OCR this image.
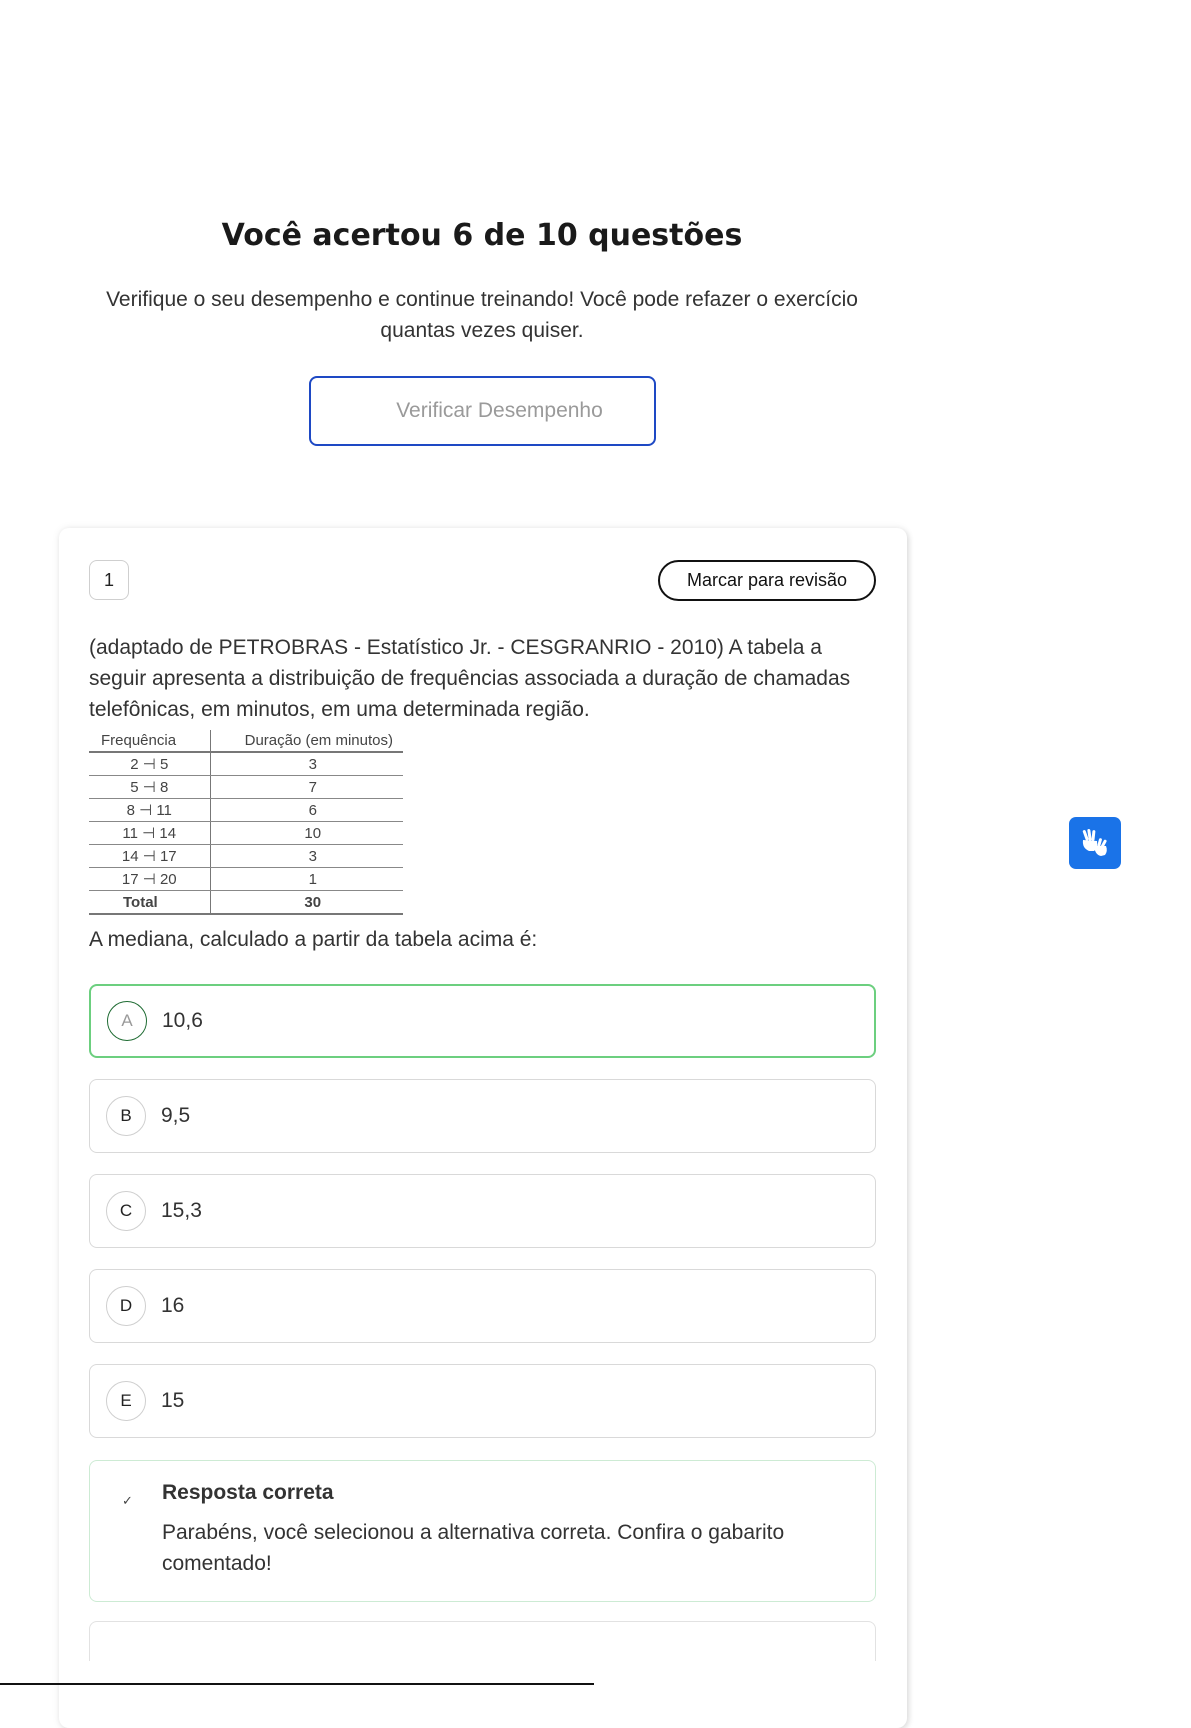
Você acertou 6 de 10 questões

Verifique o seu desempenho e continue treinando! Você pode refazer o exercício quantas vezes quiser.

Verificar Desempenho
1	Marcar para revisão

(adaptado de PETROBRAS - Estatístico Jr. - CESGRANRIO - 2010) A tabela a seguir apresenta a distribuição de frequências associada a duração de chamadas telefônicas, em minutos, em uma determinada região.

Frequência	Duração (em minutos)
2 ⊣ 5	3
5 ⊣ 8	7
8 ⊣ 11	6
11 ⊣ 14	10
14 ⊣ 17	3
17 ⊣ 20	1
Total	30

A mediana, calculado a partir da tabela acima é:

A	10,6
B	9,5
C	15,3
D	16
E	15
✓ Resposta correta

Parabéns, você selecionou a alternativa correta. Confira o gabarito comentado!
